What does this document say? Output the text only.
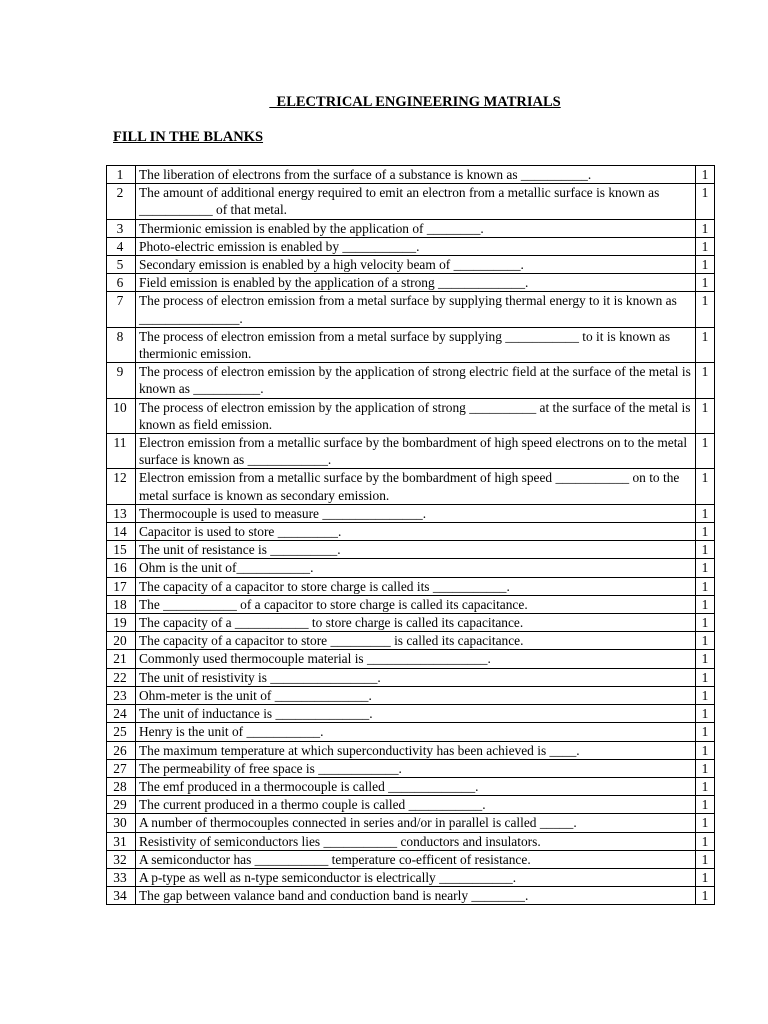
ELECTRICAL ENGINEERING MATRIALS
FILL IN THE BLANKS
1	The liberation of electrons from the surface of a substance is known as __________.	1
2	The amount of additional energy required to emit an electron from a metallic surface is known as ___________ of that metal.	1
3	Thermionic emission is enabled by the application of ________.	1
4	Photo-electric emission is enabled by ___________.	1
5	Secondary emission is enabled by a high velocity beam of __________.	1
6	Field emission is enabled by the application of a strong _____________.	1
7	The process of electron emission from a metal surface by supplying thermal energy to it is known as _______________.	1
8	The process of electron emission from a metal surface by supplying ___________ to it is known as thermionic emission.	1
9	The process of electron emission by the application of strong electric field at the surface of the metal is known as __________.	1
10	The process of electron emission by the application of strong __________ at the surface of the metal is known as field emission.	1
11	Electron emission from a metallic surface by the bombardment of high speed electrons on to the metal surface is known as ____________.	1
12	Electron emission from a metallic surface by the bombardment of high speed ___________ on to the metal surface is known as secondary emission.	1
13	Thermocouple is used to measure _______________.	1
14	Capacitor is used to store _________.	1
15	The unit of resistance is __________.	1
16	Ohm is the unit of___________.	1
17	The capacity of a capacitor to store charge is called its ___________.	1
18	The ___________ of a capacitor to store charge is called its capacitance.	1
19	The capacity of a ___________ to store charge is called its capacitance.	1
20	The capacity of a capacitor to store _________ is called its capacitance.	1
21	Commonly used thermocouple material is __________________.	1
22	The unit of resistivity is ________________.	1
23	Ohm-meter is the unit of ______________.	1
24	The unit of inductance is ______________.	1
25	Henry is the unit of ___________.	1
26	The maximum temperature at which superconductivity has been achieved is ____.	1
27	The permeability of free space is ____________.	1
28	The emf produced in a thermocouple is called _____________.	1
29	The current produced in a thermo couple is called ___________.	1
30	A number of thermocouples connected in series and/or in parallel is called _____.	1
31	Resistivity of semiconductors lies ___________ conductors and insulators.	1
32	A semiconductor has ___________ temperature co-efficent of resistance.	1
33	A p-type as well as n-type semiconductor is electrically ___________.	1
34	The gap between valance band and conduction band is nearly ________.	1
